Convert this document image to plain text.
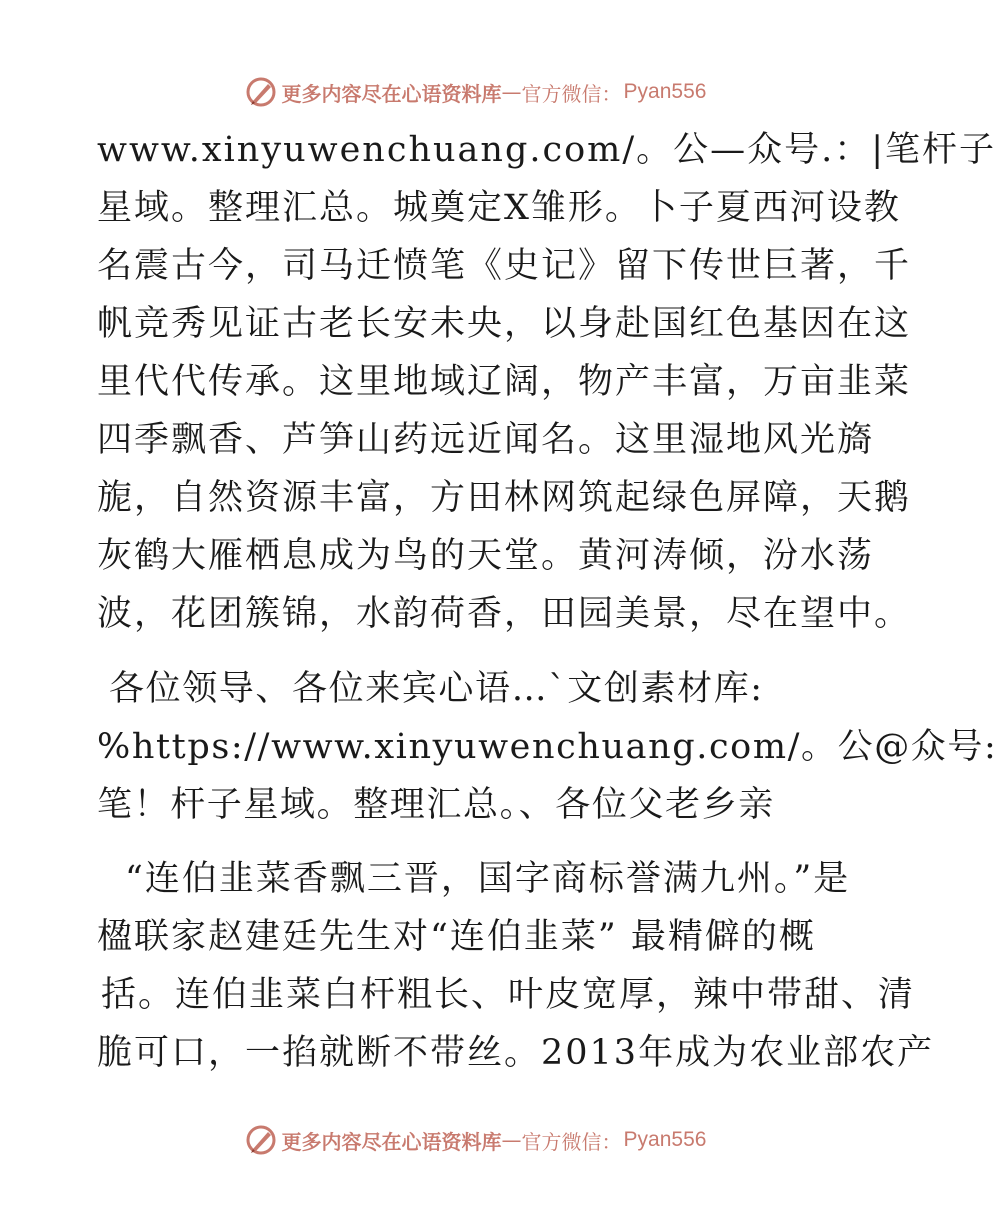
更多内容尽在心语资料库 — 官方微信： Pyan556
www.xinyuwenchuang.com/。公—众号.：|笔杆子
星域。整理汇总。城奠定X雏形。卜子夏西河设教
名震古今，司马迁愤笔《史记》留下传世巨著，千
帆竞秀见证古老长安未央，以身赴国红色基因在这
里代代传承。这里地域辽阔，物产丰富，万亩韭菜
四季飘香、芦笋山药远近闻名。这里湿地风光旖
旎，自然资源丰富，方田林网筑起绿色屏障，天鹅
灰鹤大雁栖息成为鸟的天堂。黄河涛倾，汾水荡
波，花团簇锦，水韵荷香，田园美景，尽在望中。
各位领导、各位来宾心语…`文创素材库:
%https://www.xinyuwenchuang.com/。公@众号:
笔！杆子星域。整理汇总。、各位父老乡亲
“连伯韭菜香飘三晋，国字商标誉满九州。”是
楹联家赵建廷先生对“连伯韭菜” 最精僻的概
括。连伯韭菜白杆粗长、叶皮宽厚，辣中带甜、清
脆可口，一掐就断不带丝。2013年成为农业部农产
更多内容尽在心语资料库 — 官方微信： Pyan556
